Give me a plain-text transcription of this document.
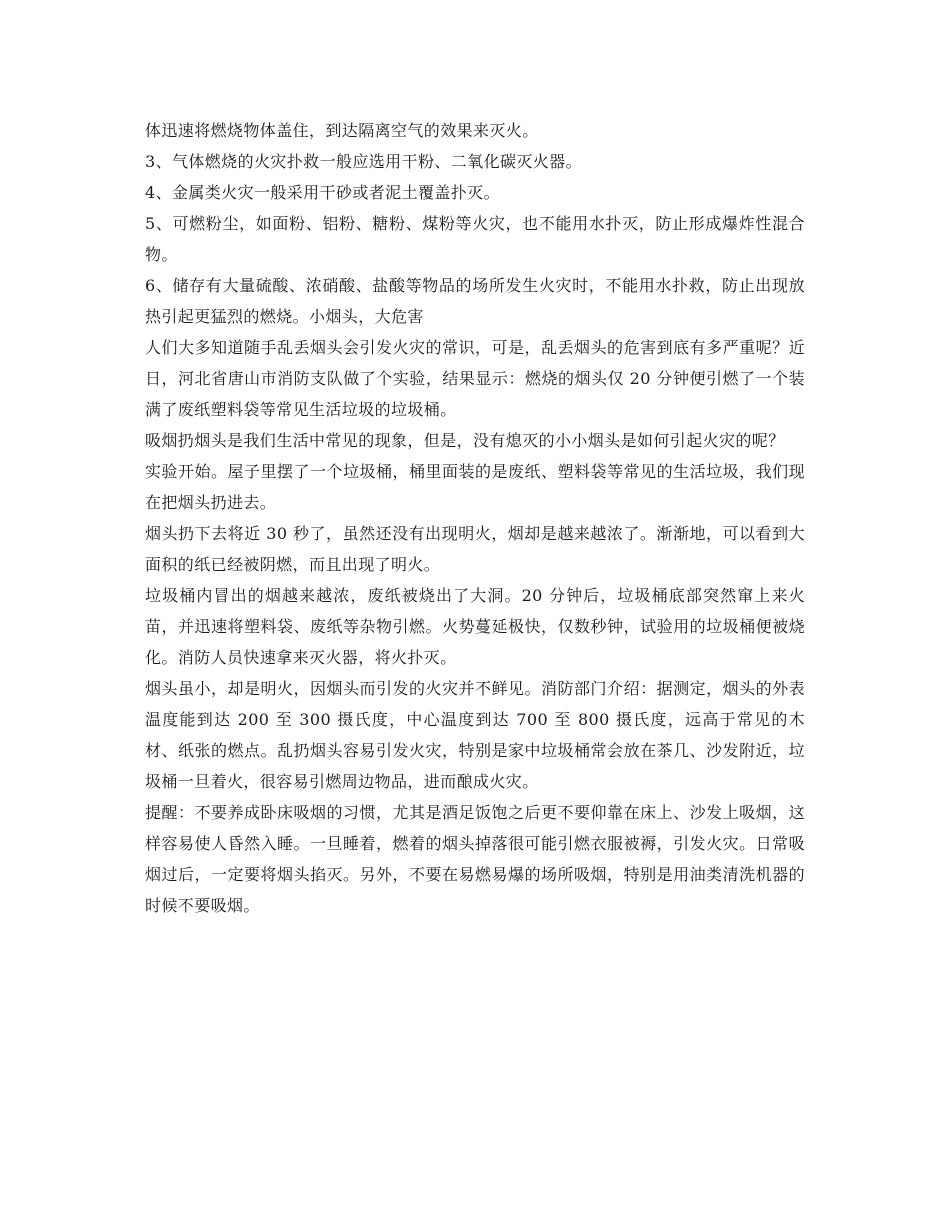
体迅速将燃烧物体盖住，到达隔离空气的效果来灭火。

3、气体燃烧的火灾扑救一般应选用干粉、二氧化碳灭火器。

4、金属类火灾一般采用干砂或者泥土覆盖扑灭。

5、可燃粉尘，如面粉、铝粉、糖粉、煤粉等火灾，也不能用水扑灭，防止形成爆炸性混合物。

6、储存有大量硫酸、浓硝酸、盐酸等物品的场所发生火灾时，不能用水扑救，防止出现放热引起更猛烈的燃烧。小烟头，大危害

人们大多知道随手乱丢烟头会引发火灾的常识，可是，乱丢烟头的危害到底有多严重呢？近日，河北省唐山市消防支队做了个实验，结果显示：燃烧的烟头仅 20 分钟便引燃了一个装满了废纸塑料袋等常见生活垃圾的垃圾桶。

吸烟扔烟头是我们生活中常见的现象，但是，没有熄灭的小小烟头是如何引起火灾的呢？

实验开始。屋子里摆了一个垃圾桶，桶里面装的是废纸、塑料袋等常见的生活垃圾，我们现在把烟头扔进去。

烟头扔下去将近 30 秒了，虽然还没有出现明火，烟却是越来越浓了。渐渐地，可以看到大面积的纸已经被阴燃，而且出现了明火。

垃圾桶内冒出的烟越来越浓，废纸被烧出了大洞。20 分钟后，垃圾桶底部突然窜上来火苗，并迅速将塑料袋、废纸等杂物引燃。火势蔓延极快，仅数秒钟，试验用的垃圾桶便被烧化。消防人员快速拿来灭火器，将火扑灭。

烟头虽小，却是明火，因烟头而引发的火灾并不鲜见。消防部门介绍：据测定，烟头的外表温度能到达 200 至 300 摄氏度，中心温度到达 700 至 800 摄氏度，远高于常见的木材、纸张的燃点。乱扔烟头容易引发火灾，特别是家中垃圾桶常会放在茶几、沙发附近，垃圾桶一旦着火，很容易引燃周边物品，进而酿成火灾。

提醒：不要养成卧床吸烟的习惯，尤其是酒足饭饱之后更不要仰靠在床上、沙发上吸烟，这样容易使人昏然入睡。一旦睡着，燃着的烟头掉落很可能引燃衣服被褥，引发火灾。日常吸烟过后，一定要将烟头掐灭。另外，不要在易燃易爆的场所吸烟，特别是用油类清洗机器的时候不要吸烟。
